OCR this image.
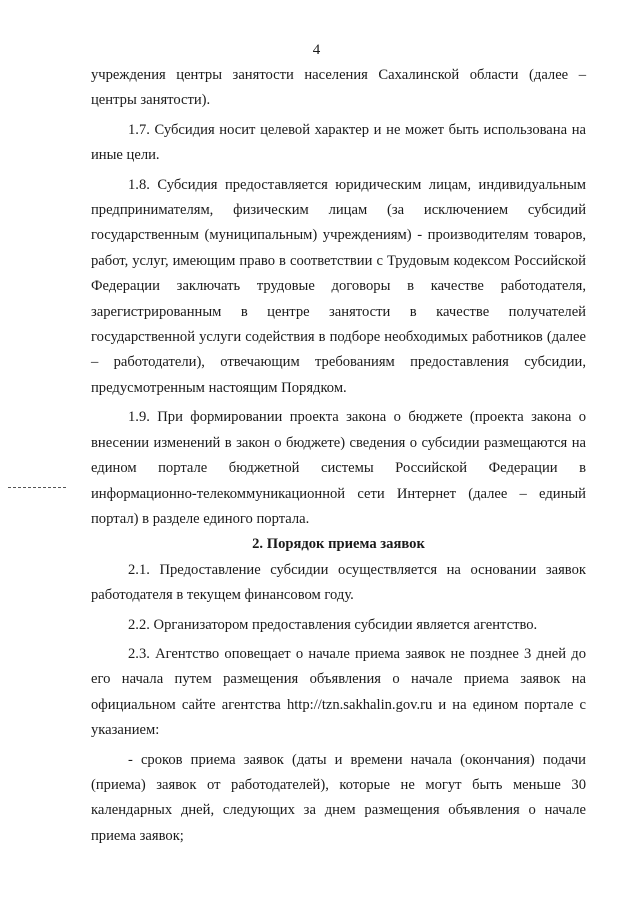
4

учреждения центры занятости населения Сахалинской области (далее – центры занятости).

1.7. Субсидия носит целевой характер и не может быть использована на иные цели.

1.8. Субсидия предоставляется юридическим лицам, индивидуальным предпринимателям, физическим лицам (за исключением субсидий государственным (муниципальным) учреждениям) - производителям товаров, работ, услуг, имеющим право в соответствии с Трудовым кодексом Российской Федерации заключать трудовые договоры в качестве работодателя, зарегистрированным в центре занятости в качестве получателей государственной услуги содействия в подборе необходимых работников (далее – работодатели), отвечающим требованиям предоставления субсидии, предусмотренным настоящим Порядком.

1.9. При формировании проекта закона о бюджете (проекта закона о внесении изменений в закон о бюджете) сведения о субсидии размещаются на едином портале бюджетной системы Российской Федерации в информационно-телекоммуникационной сети Интернет (далее – единый портал) в разделе единого портала.

2. Порядок приема заявок

2.1. Предоставление субсидии осуществляется на основании заявок работодателя в текущем финансовом году.

2.2. Организатором предоставления субсидии является агентство.

2.3. Агентство оповещает о начале приема заявок не позднее 3 дней до его начала путем размещения объявления о начале приема заявок на официальном сайте агентства http://tzn.sakhalin.gov.ru и на едином портале с указанием:

- сроков приема заявок (даты и времени начала (окончания) подачи (приема) заявок от работодателей), которые не могут быть меньше 30 календарных дней, следующих за днем размещения объявления о начале приема заявок;
